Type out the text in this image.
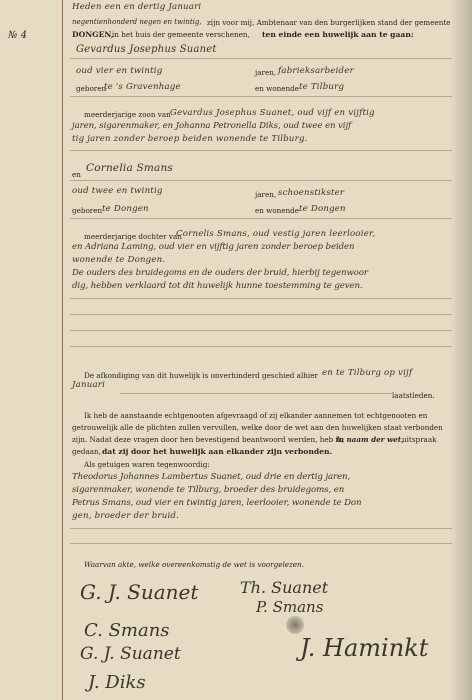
№ 4
Heden een en dertig Januari
zijn voor mij, Ambtenaar van den burgerlijken stand der gemeente
negentienhonderd negen en twintig,
DONGEN,
in het huis der gemeente verschenen, ten einde een huwelijk aan te gaan:
Gevardus Josephus Suanet
oud vier en twintig	jaren, fabrieksarbeider
geboren
te 's Gravenhage	en wonende te Tilburg
meerderjarige zoon van Gevardus Josephus Suanet, oud vijf en vijftig
jaren, sigarenmaker, en Johanna Petronella Diks, oud twee en vijf
tig jaren zonder beroep beiden wonende te Tilburg.
en
Cornelia Smans
oud twee en twintig	jaren, schoenstikster
geboren te Dongen	en wonende te Dongen
meerderjarige dochter van
Cornelis Smans, oud vestig jaren leerlooier,
en Adriana Laming, oud vier en vijftig jaren zonder beroep beiden
wonende te Dongen.
De ouders des bruidegoms en de ouders der bruid, hierbij tegenwoor
dig, hebben verklaard tot dit huwelijk hunne toestemming te geven.
De afkondiging van dit huwelijk is onverhinderd geschied alhier en te Tilburg op vijf
Januari
laatstleden.
Ik heb de aanstaande echtgenooten afgevraagd of zij elkander aannemen tot echtgenooten en
getrouwelijk alle de plichten zullen vervullen, welke door de wet aan den huwelijken staat verbonden
zijn. Nadat deze vragen door hen bevestigend beantwoord werden, heb ik,
in naam der wet,
uitspraak
gedaan, dat zij door het huwelijk aan elkander zijn verbonden.
Als getuigen waren tegenwoordig:
Theodorus Johannes Lambertus Suanet, oud drie en dertig jaren,
sigarenmaker, wonende te Tilburg, broeder des bruidegoms, en
Petrus Smans, oud vier en twintig jaren, leerlooier, wonende te Don
gen, broeder der bruid.
Waarvan akte, welke overeenkomstig de wet is voorgelezen.
G. J. Suanet	Th. Suanet
P. Smans
C. Smans
G. J. Suanet	J. Haminkt
J. Diks
